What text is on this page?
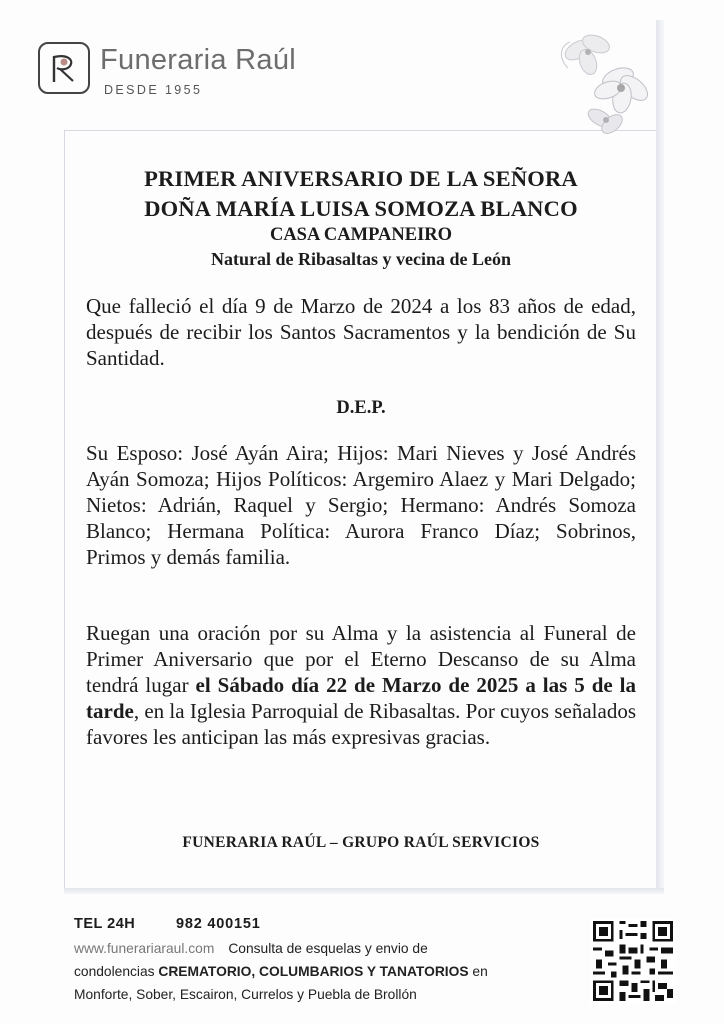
Funeraria Raúl
DESDE 1955
PRIMER ANIVERSARIO DE LA SEÑORA
DOÑA MARÍA LUISA SOMOZA BLANCO
CASA CAMPANEIRO
Natural de Ribasaltas y vecina de León

Que falleció el día 9 de Marzo de 2024 a los 83 años de edad, después de recibir los Santos Sacramentos y la bendición de Su Santidad.

D.E.P.

Su Esposo: José Ayán Aira; Hijos: Mari Nieves y José Andrés Ayán Somoza; Hijos Políticos: Argemiro Alaez y Mari Delgado; Nietos: Adrián, Raquel y Sergio; Hermano: Andrés Somoza Blanco; Hermana Política: Aurora Franco Díaz; Sobrinos, Primos y demás familia.

Ruegan una oración por su Alma y la asistencia al Funeral de Primer Aniversario que por el Eterno Descanso de su Alma tendrá lugar el Sábado día 22 de Marzo de 2025 a las 5 de la tarde, en la Iglesia Parroquial de Ribasaltas. Por cuyos señalados favores les anticipan las más expresivas gracias.

FUNERARIA RAÚL – GRUPO RAÚL SERVICIOS

TEL 24H	982 400151

www.funerariaraul.com Consulta de esquelas y envio de

condolencias CREMATORIO, COLUMBARIOS Y TANATORIOS en

Monforte, Sober, Escairon, Currelos y Puebla de Brollón
